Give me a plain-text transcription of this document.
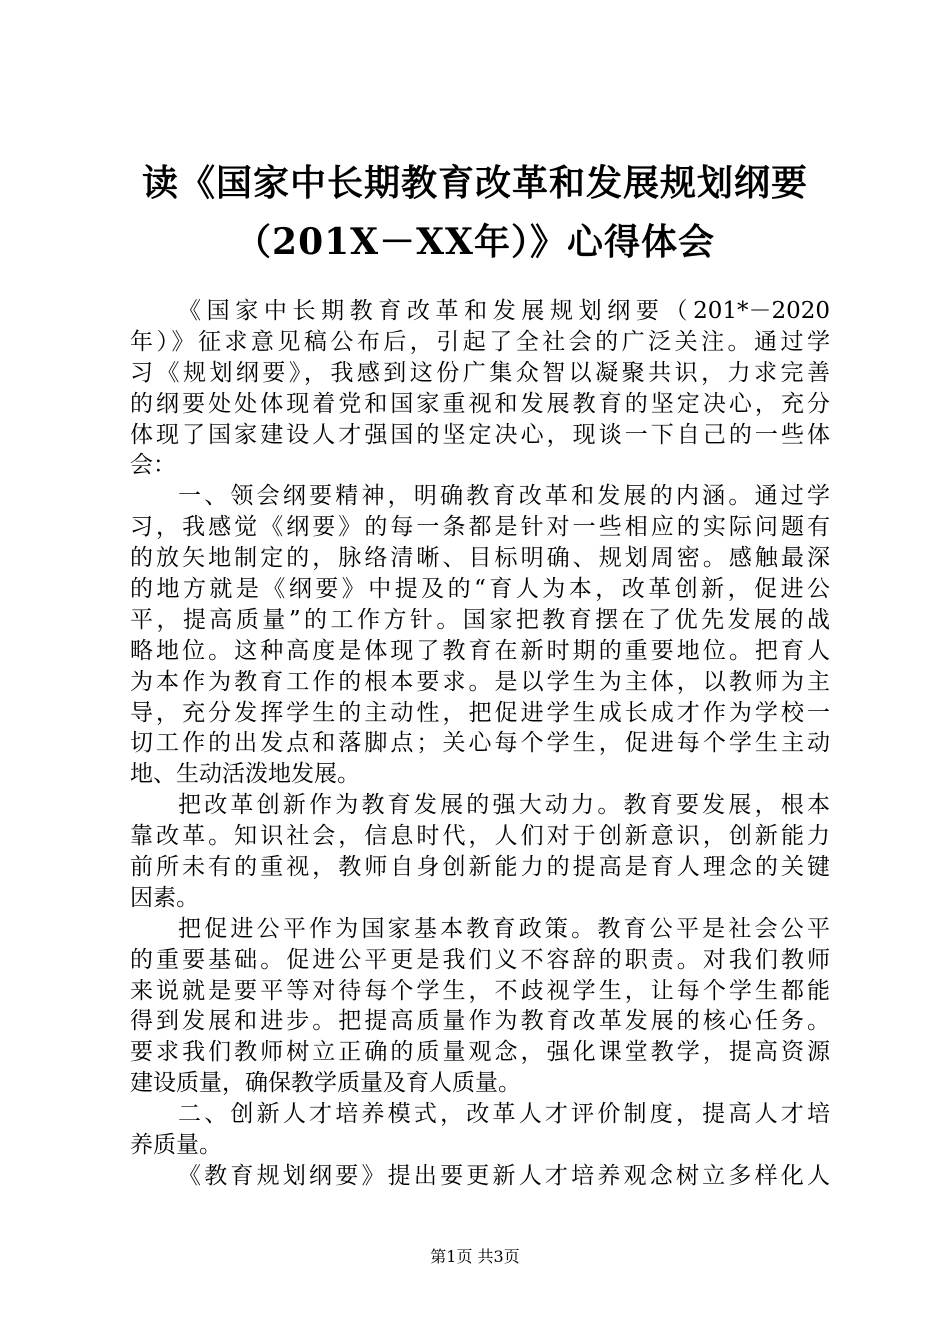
读《国家中长期教育改革和发展规划纲要
（201X－XX年）》心得体会
《国家中长期教育改革和发展规划纲要（201*－2020
年）》征求意见稿公布后，引起了全社会的广泛关注。通过学
习《规划纲要》，我感到这份广集众智以凝聚共识，力求完善
的纲要处处体现着党和国家重视和发展教育的坚定决心，充分
体现了国家建设人才强国的坚定决心，现谈一下自己的一些体
会：
一、领会纲要精神，明确教育改革和发展的内涵。通过学
习，我感觉《纲要》的每一条都是针对一些相应的实际问题有
的放矢地制定的，脉络清晰、目标明确、规划周密。感触最深
的地方就是《纲要》中提及的“育人为本，改革创新，促进公
平，提高质量”的工作方针。国家把教育摆在了优先发展的战
略地位。这种高度是体现了教育在新时期的重要地位。把育人
为本作为教育工作的根本要求。是以学生为主体，以教师为主
导，充分发挥学生的主动性，把促进学生成长成才作为学校一
切工作的出发点和落脚点；关心每个学生，促进每个学生主动
地、生动活泼地发展。
把改革创新作为教育发展的强大动力。教育要发展，根本
靠改革。知识社会，信息时代，人们对于创新意识，创新能力
前所未有的重视，教师自身创新能力的提高是育人理念的关键
因素。
把促进公平作为国家基本教育政策。教育公平是社会公平
的重要基础。促进公平更是我们义不容辞的职责。对我们教师
来说就是要平等对待每个学生，不歧视学生，让每个学生都能
得到发展和进步。把提高质量作为教育改革发展的核心任务。
要求我们教师树立正确的质量观念，强化课堂教学，提高资源
建设质量，确保教学质量及育人质量。
二、创新人才培养模式，改革人才评价制度，提高人才培
养质量。
《教育规划纲要》提出要更新人才培养观念树立多样化人
第1页 共3页
